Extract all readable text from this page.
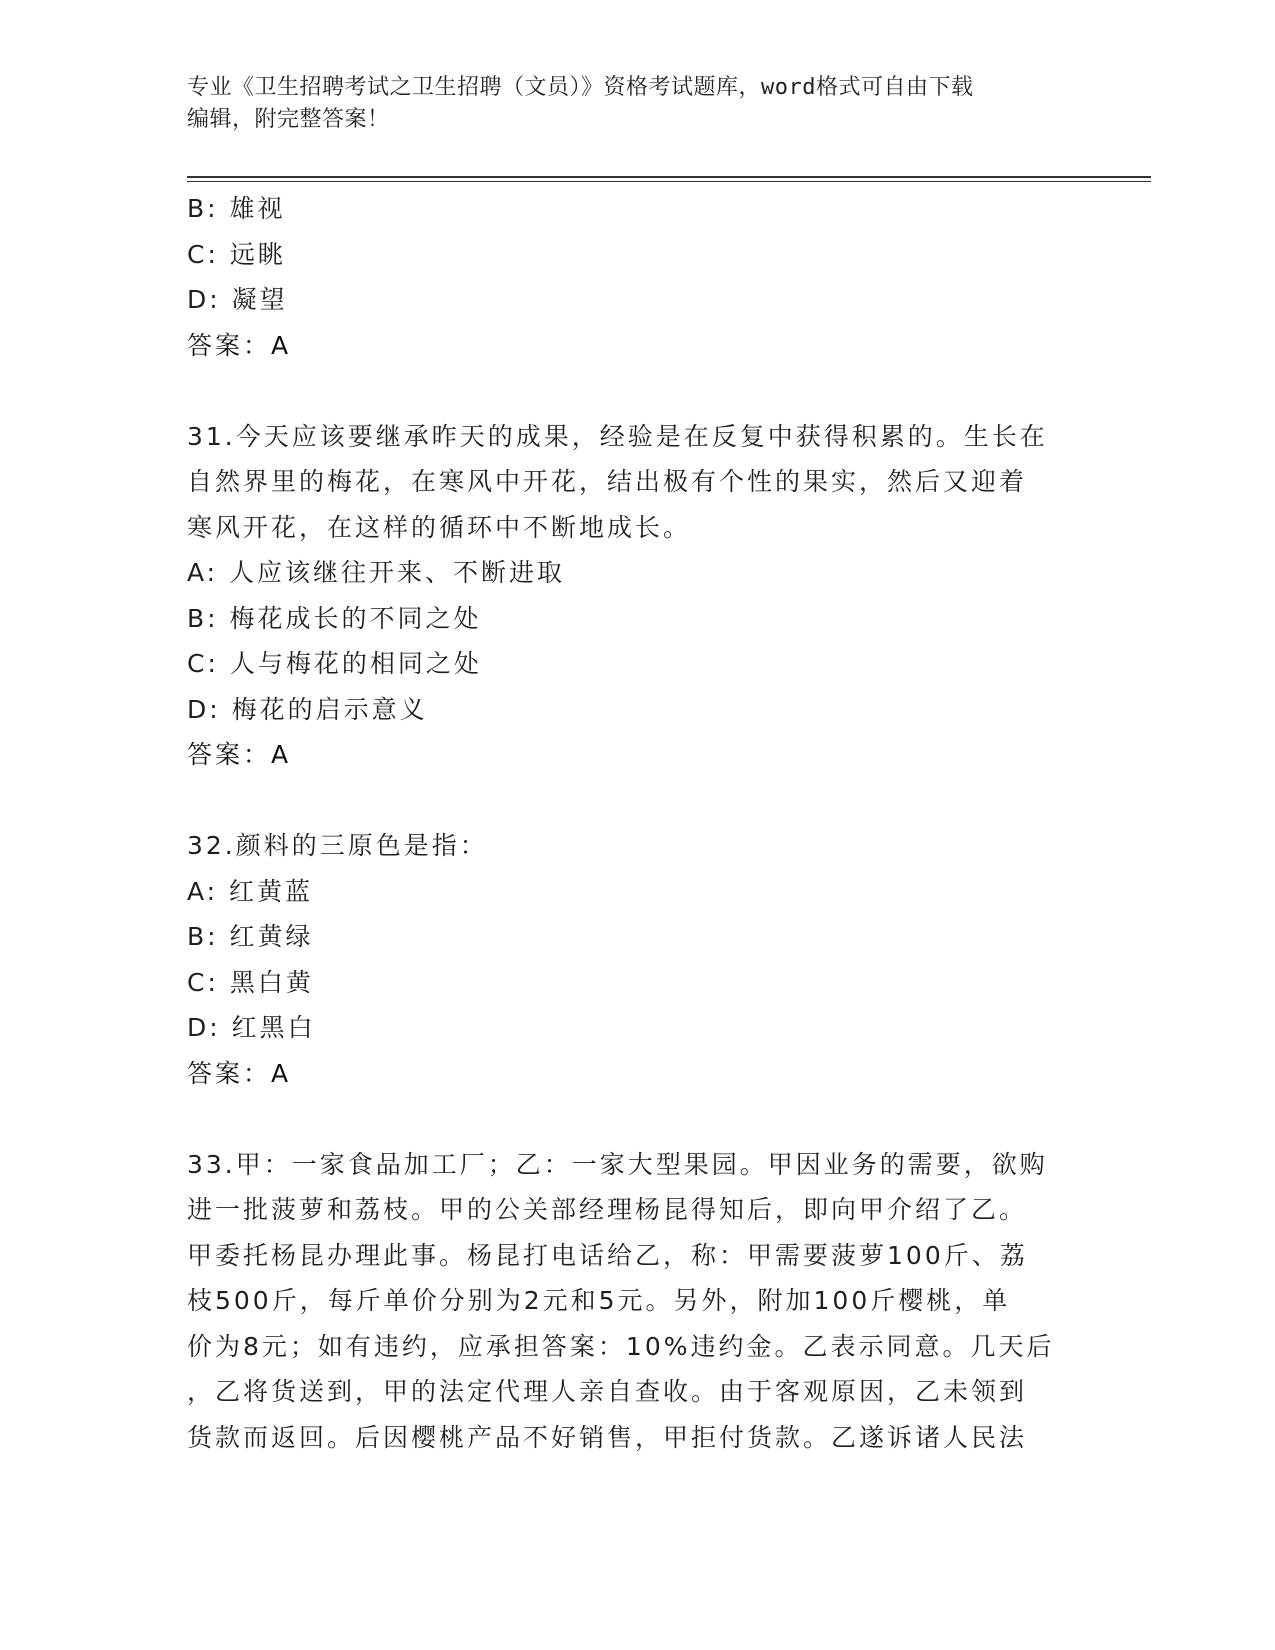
专业《卫生招聘考试之卫生招聘（文员）》资格考试题库，word格式可自由下载
编辑，附完整答案！
B: 雄视
C: 远眺
D: 凝望
答案：A
31.今天应该要继承昨天的成果，经验是在反复中获得积累的。生长在
自然界里的梅花，在寒风中开花，结出极有个性的果实，然后又迎着
寒风开花，在这样的循环中不断地成长。
A: 人应该继往开来、不断进取
B: 梅花成长的不同之处
C: 人与梅花的相同之处
D: 梅花的启示意义
答案：A
32.颜料的三原色是指：
A: 红黄蓝
B: 红黄绿
C: 黑白黄
D: 红黑白
答案：A
33.甲：一家食品加工厂；乙：一家大型果园。甲因业务的需要，欲购
进一批菠萝和荔枝。甲的公关部经理杨昆得知后，即向甲介绍了乙。
甲委托杨昆办理此事。杨昆打电话给乙，称：甲需要菠萝100斤、荔
枝500斤，每斤单价分别为2元和5元。另外，附加100斤樱桃，单
价为8元；如有违约，应承担答案：10%违约金。乙表示同意。几天后
，乙将货送到，甲的法定代理人亲自查收。由于客观原因，乙未领到
货款而返回。后因樱桃产品不好销售，甲拒付货款。乙遂诉诸人民法
